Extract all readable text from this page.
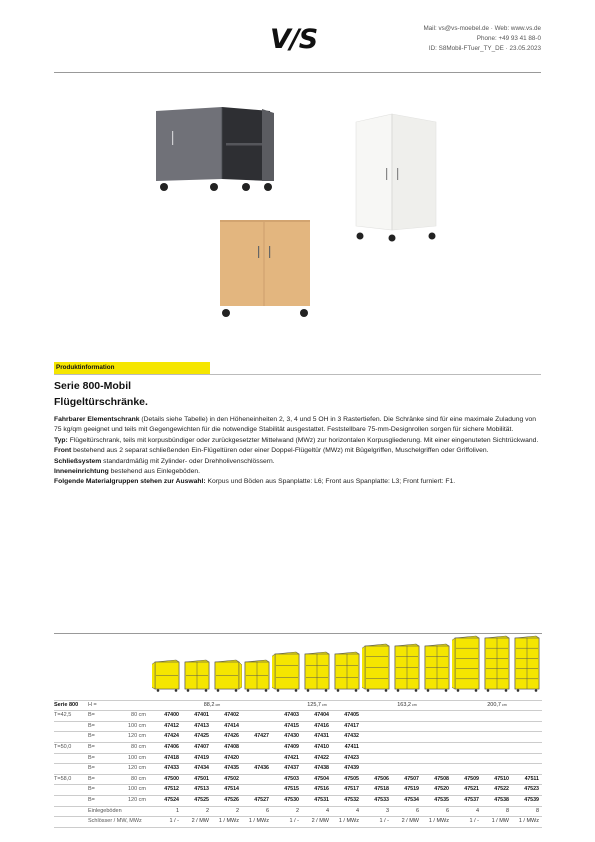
V/S	Mail: vs@vs-moebel.de · Web: www.vs.de
Phone: +49 93 41 88-0
ID: S8Mobil-FTuer_TY_DE · 23.05.2023
Produktinformation
Serie 800-Mobil
Flügeltürschränke.

Fahrbarer Elementschrank (Details siehe Tabelle) in den Höheneinheiten 2, 3, 4 und 5 OH in 3 Rastertiefen. Die Schränke sind für eine maximale Zuladung von 75 kg/qm geeignet und teils mit Gegengewichten für die notwendige Stabilität ausgestattet. Feststellbare 75-mm-Designrollen sorgen für sichere Mobilität.

Typ: Flügeltürschrank, teils mit korpusbündiger oder zurückgesetzter Mittelwand (MWz) zur horizontalen Korpusgliederung. Mit einer eingenuteten Sichtrückwand.

Front bestehend aus 2 separat schließenden Ein-Flügeltüren oder einer Doppel-Flügeltür (MWz) mit Bügelgriffen, Muschelgriffen oder Griffoliven.

Schließsystem standardmäßig mit Zylinder- oder Drehholivenschlössern.

Inneneinrichtung bestehend aus Einlegeböden.

Folgende Materialgruppen stehen zur Auswahl: Korpus und Böden aus Spanplatte: L6; Front aus Spanplatte: L3; Front furniert: F1.

Serie 800	H =		88,2 cm				125,7 cm			163,2 cm			200,7 cm		
T=42,5	B=	80 cm	47400	47401	47402		47403	47404	47405						
	B=	100 cm	47412	47413	47414		47415	47416	47417						
	B=	120 cm	47424	47425	47426	47427	47430	47431	47432						
T=50,0	B=	80 cm	47406	47407	47408		47409	47410	47411						
	B=	100 cm	47418	47419	47420		47421	47422	47423						
	B=	120 cm	47433	47434	47435	47436	47437	47438	47439						
T=58,0	B=	80 cm	47500	47501	47502		47503	47504	47505	47506	47507	47508	47509	47510	47511
	B=	100 cm	47512	47513	47514		47515	47516	47517	47518	47519	47520	47521	47522	47523
	B=	120 cm	47524	47525	47526	47527	47530	47531	47532	47533	47534	47535	47537	47538	47539
	Einlegeböden		1	2	2	6	2	4	4	3	6	6	4	8	8
	Schlösser / MW, MWz		1 / -	2 / MW	1 / MWz	1 / MWz	1 / -	2 / MW	1 / MWz	1 / -	2 / MW	1 / MWz	1 / -	1 / MW	1 / MWz
